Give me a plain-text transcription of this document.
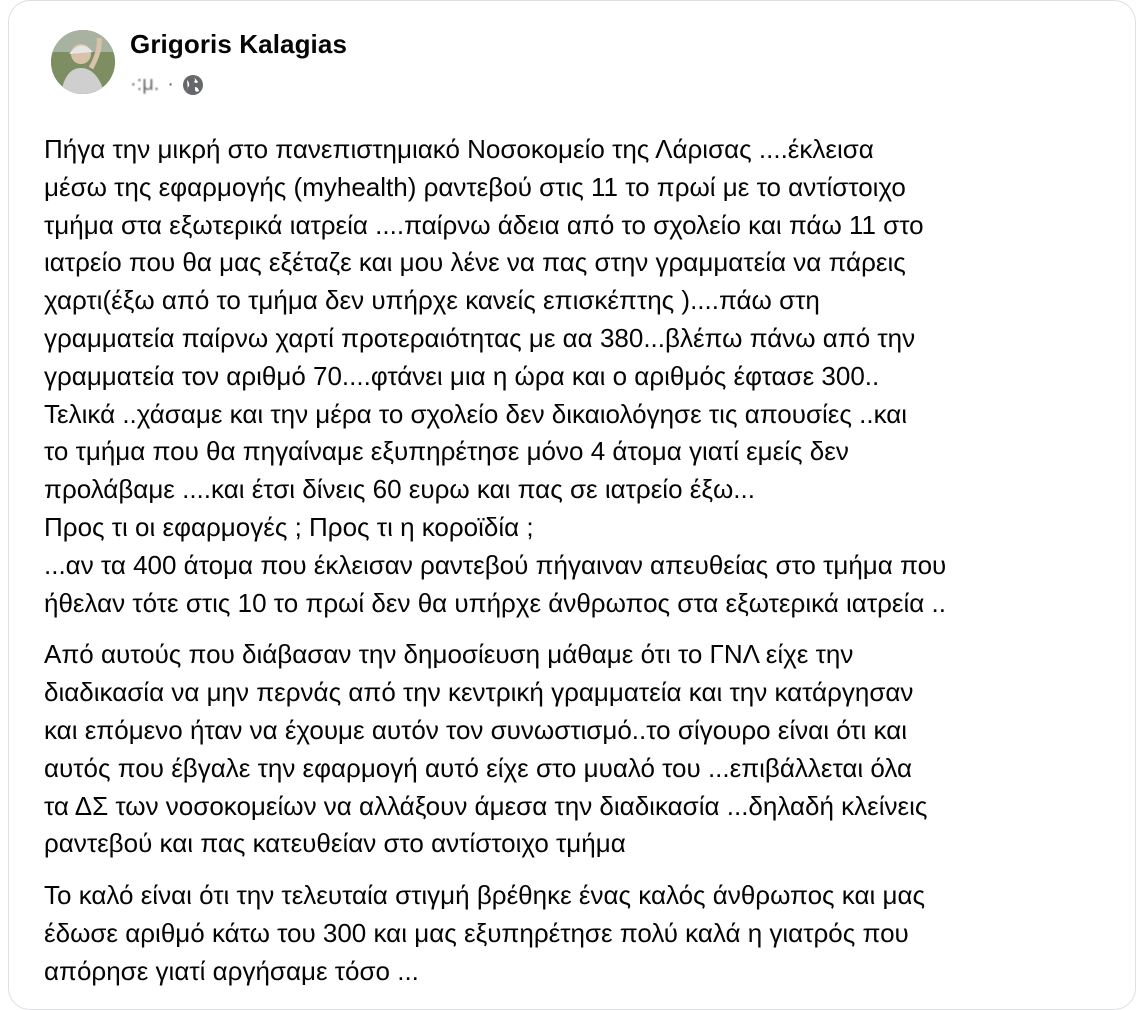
Grigoris Kalagias
·:μ. ·

Πήγα την μικρή στο πανεπιστημιακό Νοσοκομείο της Λάρισας ....έκλεισα
μέσω της εφαρμογής (myhealth) ραντεβού στις 11 το πρωί με το αντίστοιχο
τμήμα στα εξωτερικά ιατρεία ....παίρνω άδεια από το σχολείο και πάω 11 στο
ιατρείο που θα μας εξέταζε και μου λένε να πας στην γραμματεία να πάρεις
χαρτι(έξω από το τμήμα δεν υπήρχε κανείς επισκέπτης )....πάω στη
γραμματεία παίρνω χαρτί προτεραιότητας με αα 380...βλέπω πάνω από την
γραμματεία τον αριθμό 70....φτάνει μια η ώρα και ο αριθμός έφτασε 300..
Τελικά ..χάσαμε και την μέρα το σχολείο δεν δικαιολόγησε τις απουσίες ..και
το τμήμα που θα πηγαίναμε εξυπηρέτησε μόνο 4 άτομα γιατί εμείς δεν
προλάβαμε ....και έτσι δίνεις 60 ευρω και πας σε ιατρείο έξω...
Προς τι οι εφαρμογές ; Προς τι η κοροϊδία ;
...αν τα 400 άτομα που έκλεισαν ραντεβού πήγαιναν απευθείας στο τμήμα που
ήθελαν τότε στις 10 το πρωί δεν θα υπήρχε άνθρωπος στα εξωτερικά ιατρεία ..

Από αυτούς που διάβασαν την δημοσίευση μάθαμε ότι το ΓΝΛ είχε την
διαδικασία να μην περνάς από την κεντρική γραμματεία και την κατάργησαν
και επόμενο ήταν να έχουμε αυτόν τον συνωστισμό..το σίγουρο είναι ότι και
αυτός που έβγαλε την εφαρμογή αυτό είχε στο μυαλό του ...επιβάλλεται όλα
τα ΔΣ των νοσοκομείων να αλλάξουν άμεσα την διαδικασία ...δηλαδή κλείνεις
ραντεβού και πας κατευθείαν στο αντίστοιχο τμήμα

Το καλό είναι ότι την τελευταία στιγμή βρέθηκε ένας καλός άνθρωπος και μας
έδωσε αριθμό κάτω του 300 και μας εξυπηρέτησε πολύ καλά η γιατρός που
απόρησε γιατί αργήσαμε τόσο ...
